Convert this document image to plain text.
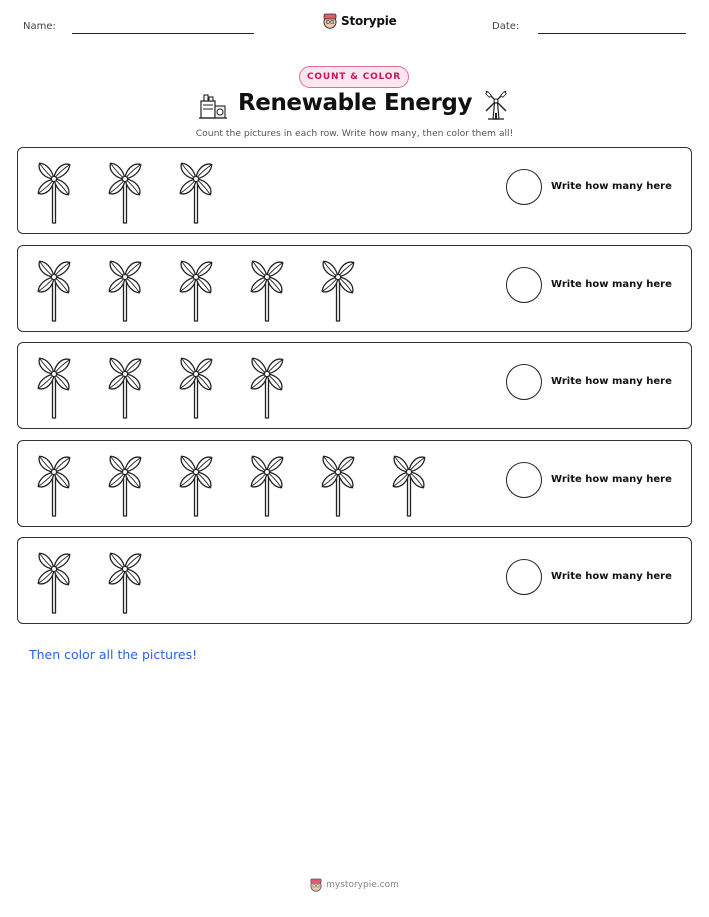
Name:	Storypie	Date:
COUNT & COLOR
Renewable Energy
Count the pictures in each row. Write how many, then color them all!
Write how many here
Write how many here
Write how many here
Write how many here
Write how many here
Then color all the pictures!
mystorypie.com
